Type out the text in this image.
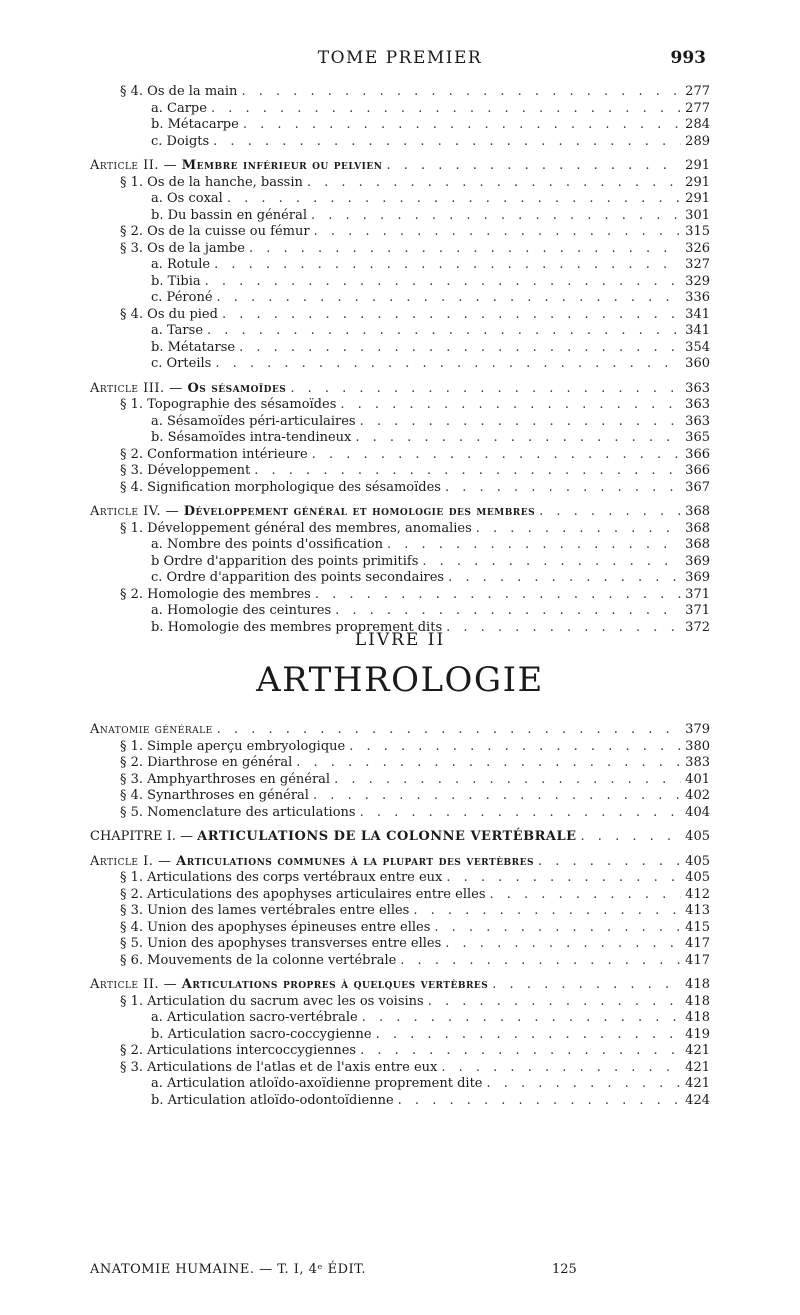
TOME PREMIER	993
§ 4. Os de la main . . .	277
a. Carpe . . .	277
b. Métacarpe . . .	284
c. Doigts . . .	289
Article II. — Membre inférieur ou pelvien . . .	291
§ 1. Os de la hanche, bassin . . .	291
a. Os coxal . . .	291
b. Du bassin en général . . .	301
§ 2. Os de la cuisse ou fémur . . .	315
§ 3. Os de la jambe . . .	326
a. Rotule . . .	327
b. Tibia . . .	329
c. Péroné . . .	336
§ 4. Os du pied . . .	341
a. Tarse . . .	341
b. Métatarse . . .	354
c. Orteils . . .	360
Article III. — Os sésamoïdes . . .	363
§ 1. Topographie des sésamoïdes . . .	363
a. Sésamoïdes péri-articulaires . . .	363
b. Sésamoïdes intra-tendineux . . .	365
§ 2. Conformation intérieure . . .	366
§ 3. Développement . . .	366
§ 4. Signification morphologique des sésamoïdes . . .	367
Article IV. — Développement général et homologie des membres . . .	368
§ 1. Développement général des membres, anomalies . . .	368
a. Nombre des points d'ossification . . .	368
b Ordre d'apparition des points primitifs . . .	369
c. Ordre d'apparition des points secondaires . . .	369
§ 2. Homologie des membres . . .	371
a. Homologie des ceintures . . .	371
b. Homologie des membres proprement dits . . .	372
LIVRE II
ARTHROLOGIE
Anatomie générale . . .	379
§ 1. Simple aperçu embryologique . . .	380
§ 2. Diarthrose en général . . .	383
§ 3. Amphyarthroses en général . . .	401
§ 4. Synarthroses en général . . .	402
§ 5. Nomenclature des articulations . . .	404
CHAPITRE I. — ARTICULATIONS DE LA COLONNE VERTÉBRALE . . .	405
Article I. — Articulations communes à la plupart des vertèbres . . .	405
§ 1. Articulations des corps vertébraux entre eux . . .	405
§ 2. Articulations des apophyses articulaires entre elles . . .	412
§ 3. Union des lames vertébrales entre elles . . .	413
§ 4. Union des apophyses épineuses entre elles . . .	415
§ 5. Union des apophyses transverses entre elles . . .	417
§ 6. Mouvements de la colonne vertébrale . . .	417
Article II. — Articulations propres à quelques vertèbres . . .	418
§ 1. Articulation du sacrum avec les os voisins . . .	418
a. Articulation sacro-vertébrale . . .	418
b. Articulation sacro-coccygienne . . .	419
§ 2. Articulations intercoccygiennes . . .	421
§ 3. Articulations de l'atlas et de l'axis entre eux . . .	421
a. Articulation atloïdo-axoïdienne proprement dite . . .	421
b. Articulation atloïdo-odontoïdienne . . .	424
ANATOMIE HUMAINE. — T. I, 4ᵉ ÉDIT.	125
